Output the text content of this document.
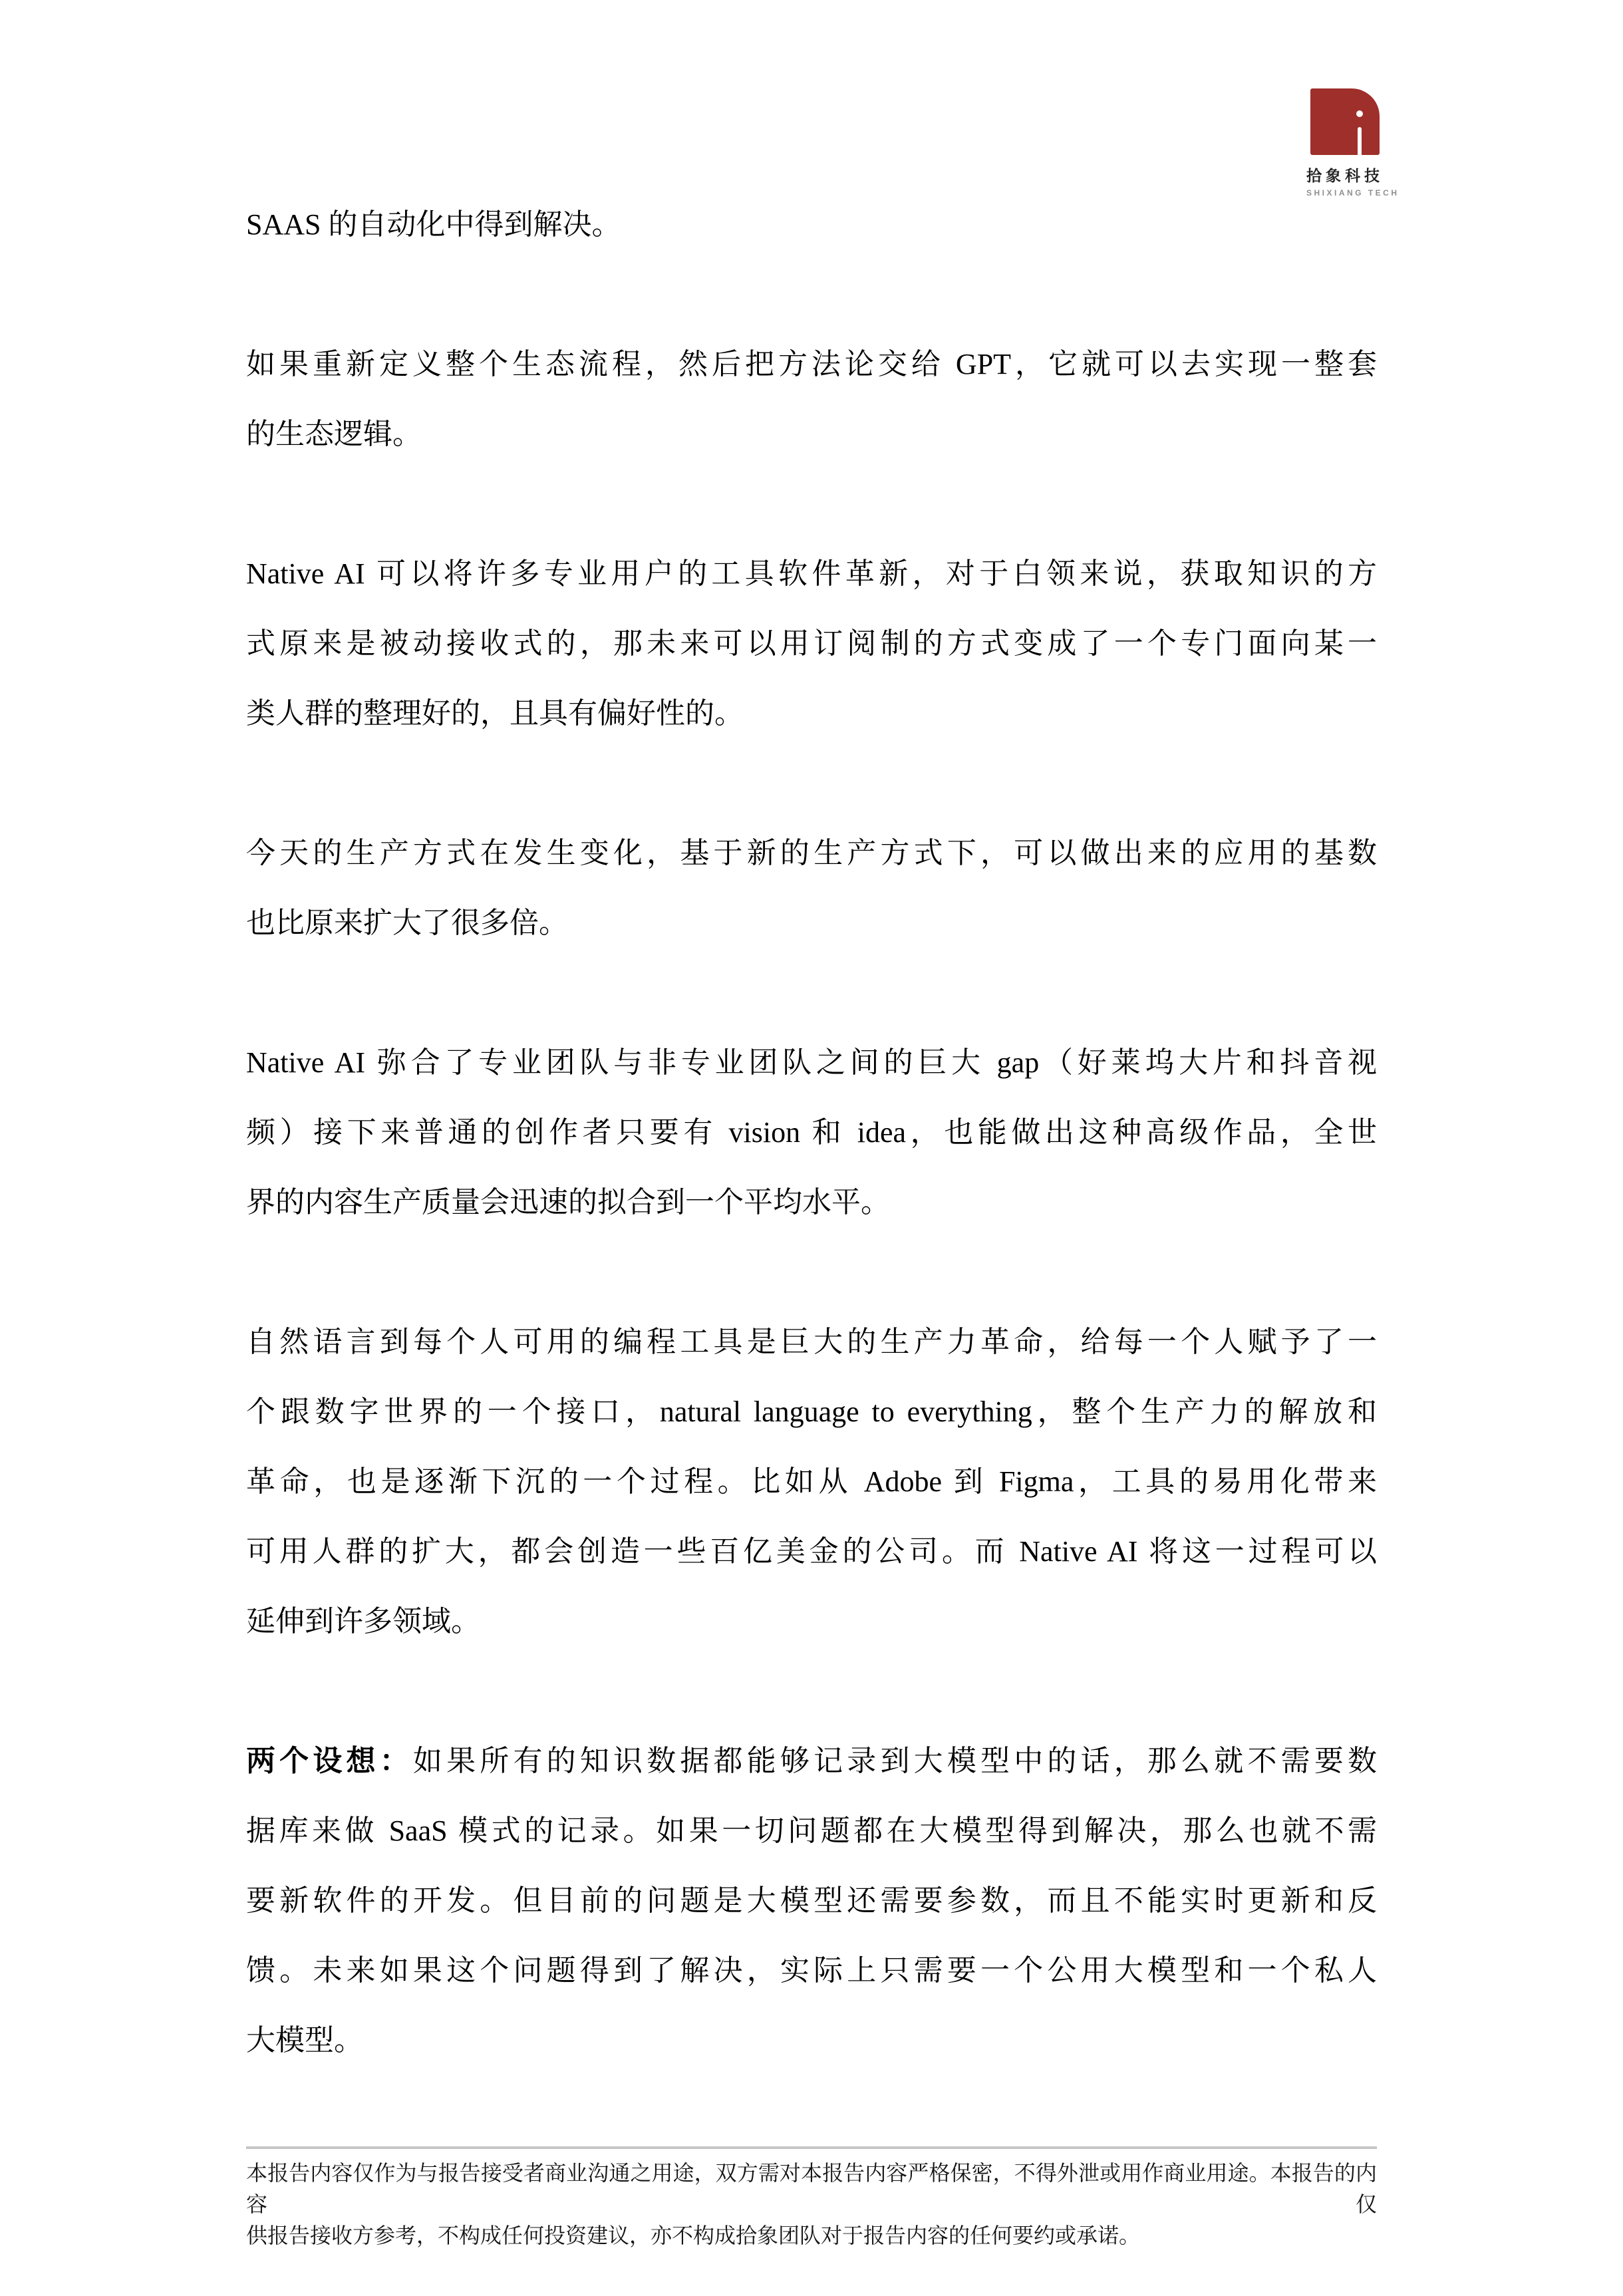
拾象科技
SHIXIANG TECH
SAAS 的自动化中得到解决。
如果重新定义整个生态流程，然后把方法论交给 GPT，它就可以去实现一整套
的生态逻辑。
Native AI 可以将许多专业用户的工具软件革新，对于白领来说，获取知识的方
式原来是被动接收式的，那未来可以用订阅制的方式变成了一个专门面向某一
类人群的整理好的，且具有偏好性的。
今天的生产方式在发生变化，基于新的生产方式下，可以做出来的应用的基数
也比原来扩大了很多倍。
Native AI 弥合了专业团队与非专业团队之间的巨大 gap（好莱坞大片和抖音视
频）接下来普通的创作者只要有 vision 和 idea，也能做出这种高级作品，全世
界的内容生产质量会迅速的拟合到一个平均水平。
自然语言到每个人可用的编程工具是巨大的生产力革命，给每一个人赋予了一
个跟数字世界的一个接口，natural language to everything，整个生产力的解放和
革命，也是逐渐下沉的一个过程。比如从 Adobe 到 Figma，工具的易用化带来
可用人群的扩大，都会创造一些百亿美金的公司。而 Native AI 将这一过程可以
延伸到许多领域。
两个设想：如果所有的知识数据都能够记录到大模型中的话，那么就不需要数
据库来做 SaaS 模式的记录。如果一切问题都在大模型得到解决，那么也就不需
要新软件的开发。但目前的问题是大模型还需要参数，而且不能实时更新和反
馈。未来如果这个问题得到了解决，实际上只需要一个公用大模型和一个私人
大模型。
本报告内容仅作为与报告接受者商业沟通之用途，双方需对本报告内容严格保密，不得外泄或用作商业用途。本报告的内容仅
供报告接收方参考，不构成任何投资建议，亦不构成拾象团队对于报告内容的任何要约或承诺。
